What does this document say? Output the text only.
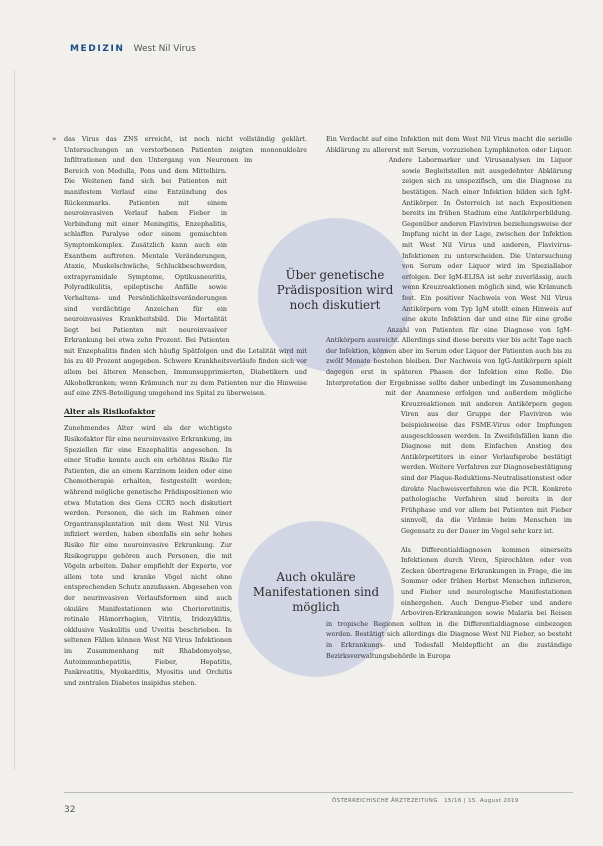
MEDIZIN West Nil Virus
Über genetische Prädisposition wird noch diskutiert
Auch okuläre Manifestationen sind möglich
» das Virus das ZNS erreicht, ist noch nicht vollständig geklärt. Untersuchungen an verstorbenen Patienten zeigten mononukleäre Infiltrationen und den Untergang von Neuronen im Bereich von Medulla, Pons und dem Mittelhirn. Die Weitenen fand sich bei Patienten mit manifestem Verlauf eine Entzündung des Rückenmarks. Patienten mit einem neuroinvasiven Verlauf haben Fieber in Verbindung mit einer Meningitis, Enzephalitis, schlaffen Paralyse oder einem gemischten Symptomkomplex. Zusätzlich kann auch ein Exanthem auftreten. Mentale Veränderungen, Ataxie, Muskelschwäche, Schluckbeschwerden, extrapyramidale Symptome, Optikusneuritis, Polyradikulitis, epileptische Anfälle sowie Verhaltens- und Persönlichkeitsveränderungen sind verdächtige Anzeichen für ein neuroinvasives Krankheitsbild. Die Mortalität liegt bei Patienten mit neuroinvasiver Erkrankung bei etwa zehn Prozent. Bei Patienten mit Enzephalitis finden sich häufig Spätfolgen und die Letalität wird mit bis zu 40 Prozent angegeben. Schwere Krankheitsverläufe finden sich vor allem bei älteren Menschen, Immunsupprimierten, Diabetikern und Alkoholkranken; wenn Krämunch nur zu dem Patienten nur die Hinweise auf eine ZNS-Beteiligung umgehend ins Spital zu überweisen.

Alter als Risikofaktor

Zunehmendes Alter wird als der wichtigste Risikofaktor für eine neuroinvasive Erkrankung, im Speziellen für eine Enzephalitis angesehen. In einer Studie konnte auch ein erhöhtes Risiko für Patienten, die an einem Karzinom leiden oder eine Chemotherapie erhalten, festgestellt werden; während mögliche genetische Prädispositionen wie etwa Mutation des Gens CCR5 noch diskutiert werden. Personen, die sich im Rahmen einer Organtransplantation mit dem West Nil Virus infiziert werden, haben ebenfalls ein sehr hohes Risiko für eine neuroinvasive Erkrankung. Zur Risikogruppe gehören auch Personen, die mit Vögeln arbeiten. Daher empfiehlt der Experte, vor allem tote und kranke Vögel nicht ohne entsprechenden Schutz anzufassen. Abgesehen von der neurinvasiven Verlaufsformen sind auch okuläre Manifestationen wie Chorioretinitis, retinale Hämorrhagien, Vitritis, Iridozyklitis, okklusive Vaskulitis und Uveitis beschrieben. In seltenen Fällen können West Nil Virus Infektionen im Zusammenhang mit Rhabdomyolyse, Autoimmunhepatitis, Fieber, Hepatitis, Pankreatitis, Myokarditis, Myositis und Orchitis und zentralen Diabetes insipidus stehen.

Ein Verdacht auf eine Infektion mit dem West Nil Virus macht die serielle Abklärung zu allererst mit Serum, vorzuziehen Lymphknoten oder Liquor. Andere Labormarker und Virusanalysen im Liquor sowie Begleitstellen mit ausgedehnter Abklärung zeigen sich zu unspezifisch, um die Diagnose zu bestätigen. Nach einer Infektion bilden sich IgM-Antikörper. In Österreich ist nach Expositionen bereits im frühen Stadium eine Antikörperbildung. Gegenüber anderen Flaviviren beziehungsweise der Impfung nicht in der Lage, zwischen der Infektion mit West Nil Virus und anderen, Flavivirus-Infektionen zu unterscheiden. Die Untersuchung von Serum oder Liquor wird im Speziallabor erfolgen. Der IgM-ELISA ist sehr zuverlässig, auch wenn Kreuzreaktionen möglich sind, wie Krämunch fest. Ein positiver Nachweis von West Nil Virus Antikörpern vom Typ IgM stellt einen Hinweis auf eine akute Infektion dar und eine für eine große Anzahl von Patienten für eine Diagnose von IgM-Antikörpern ausreicht. Allerdings sind diese bereits vier bis acht Tage nach der Infektion, können aber im Serum oder Liquor der Patienten auch bis zu zwölf Monate bestehen bleiben. Der Nachweis von IgG-Antikörpern spielt dagegen erst in späteren Phasen der Infektion eine Rolle. Die Interpretation der Ergebnisse sollte daher unbedingt im Zusammenhang mit der Anamnese erfolgen und außerdem mögliche Kreuzreaktionen mit anderen Antikörpern gegen Viren aus der Gruppe der Flaviviren wie beispielsweise das FSME-Virus oder Impfungen ausgeschlossen werden. In Zweifelsfällen kann die Diagnose mit dem Einfachen Anstieg des Antikörpertiters in einer Verlaufsprobe bestätigt werden. Weitere Verfahren zur Diagnosebestätigung sind der Plaque-Reduktions-Neutralisationstest oder direkte Nachweisverfahren wie die PCR. Konkrete pathologische Verfahren sind bereits in der Frühphase und vor allem bei Patienten mit Fieber sinnvoll, da die Virämie beim Menschen im Gegensatz zu der Dauer im Vogel sehr kurz ist.

Als Differentialdiagnosen kommen einerseits Infektionen durch Viren, Spirochäten oder von Zecken übertragene Erkrankungen in Frage, die im Sommer oder frühen Herbst Menschen infizieren, und Fieber und neurologische Manifestationen einhergehen. Auch Dengue-Fieber und andere Arboviren-Erkrankungen sowie Malaria bei Reisen in tropische Regionen sollten in die Differentialdiagnose einbezogen werden. Bestätigt sich allerdings die Diagnose West Nil Fieber, so besteht in Erkrankungs- und Todesfall Meldepflicht an die zuständige Bezirksverwaltungsbehörde in Europa

32
ÖSTERREICHISCHE ÄRZTEZEITUNG 15/16 | 15. August 2019
